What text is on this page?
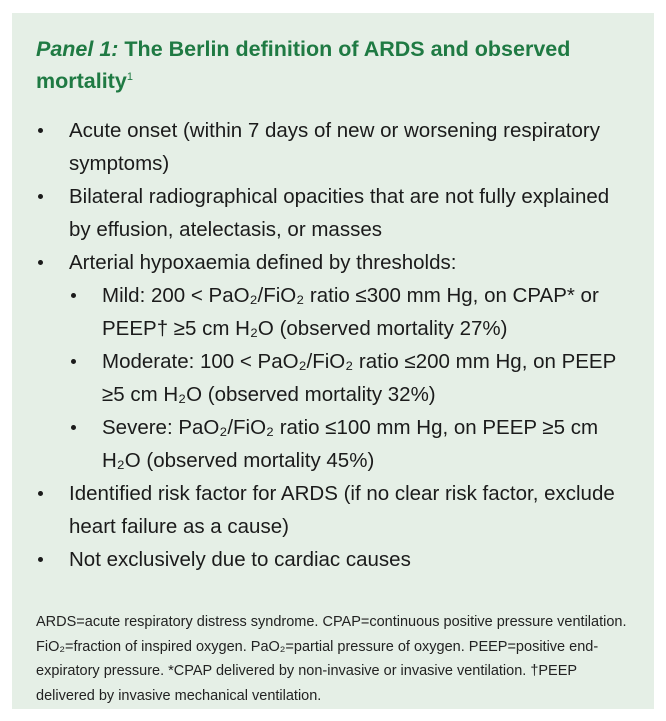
Panel 1: The Berlin definition of ARDS and observed mortality$^1$
Acute onset (within 7 days of new or worsening respiratory symptoms)
Bilateral radiographical opacities that are not fully explained by effusion, atelectasis, or masses
Arterial hypoxaemia defined by thresholds:
Mild: 200 < PaO₂/FiO₂ ratio ≤300 mm Hg, on CPAP* or PEEP† ≥5 cm H₂O (observed mortality 27%)
Moderate: 100 < PaO₂/FiO₂ ratio ≤200 mm Hg, on PEEP ≥5 cm H₂O (observed mortality 32%)
Severe: PaO₂/FiO₂ ratio ≤100 mm Hg, on PEEP ≥5 cm H₂O (observed mortality 45%)
Identified risk factor for ARDS (if no clear risk factor, exclude heart failure as a cause)
Not exclusively due to cardiac causes

ARDS=acute respiratory distress syndrome. CPAP=continuous positive pressure ventilation. FiO₂=fraction of inspired oxygen. PaO₂=partial pressure of oxygen. PEEP=positive end-expiratory pressure. *CPAP delivered by non-invasive or invasive ventilation. †PEEP delivered by invasive mechanical ventilation.
